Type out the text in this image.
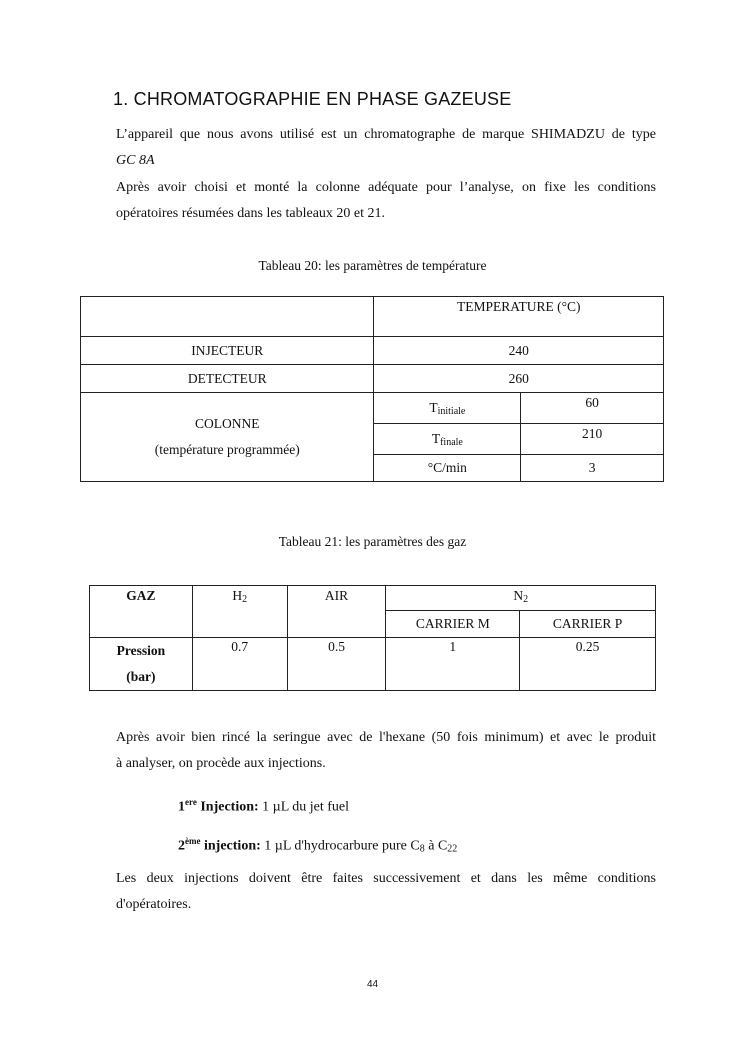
1. CHROMATOGRAPHIE EN PHASE GAZEUSE
L’appareil que nous avons utilisé est un chromatographe de marque SHIMADZU de type
GC 8A
Après avoir choisi et monté la colonne adéquate pour l’analyse, on fixe les conditions
opératoires résumées dans les tableaux 20 et 21.
Tableau 20: les paramètres de température
	TEMPERATURE (°C)	
INJECTEUR	240	
DETECTEUR	260	

COLONNE
(température programmée)	$T_{initiale}$	60
	$T_{finale}$	210
	°C/min	3
Tableau 21: les paramètres des gaz
GAZ	$H_2$	AIR	$N_2$
			CARRIER M	CARRIER P

Pression
(bar)	0.7	0.5	1	0.25
Après avoir bien rincé la seringue avec de l'hexane (50 fois minimum) et avec le produit
à analyser, on procède aux injections.
1ere Injection: 1 µL du jet fuel
2ème injection: 1 µL d'hydrocarbure pure $C_8$ à $C_{22}$
Les deux injections doivent être faites successivement et dans les même conditions
d'opératoires.
44
